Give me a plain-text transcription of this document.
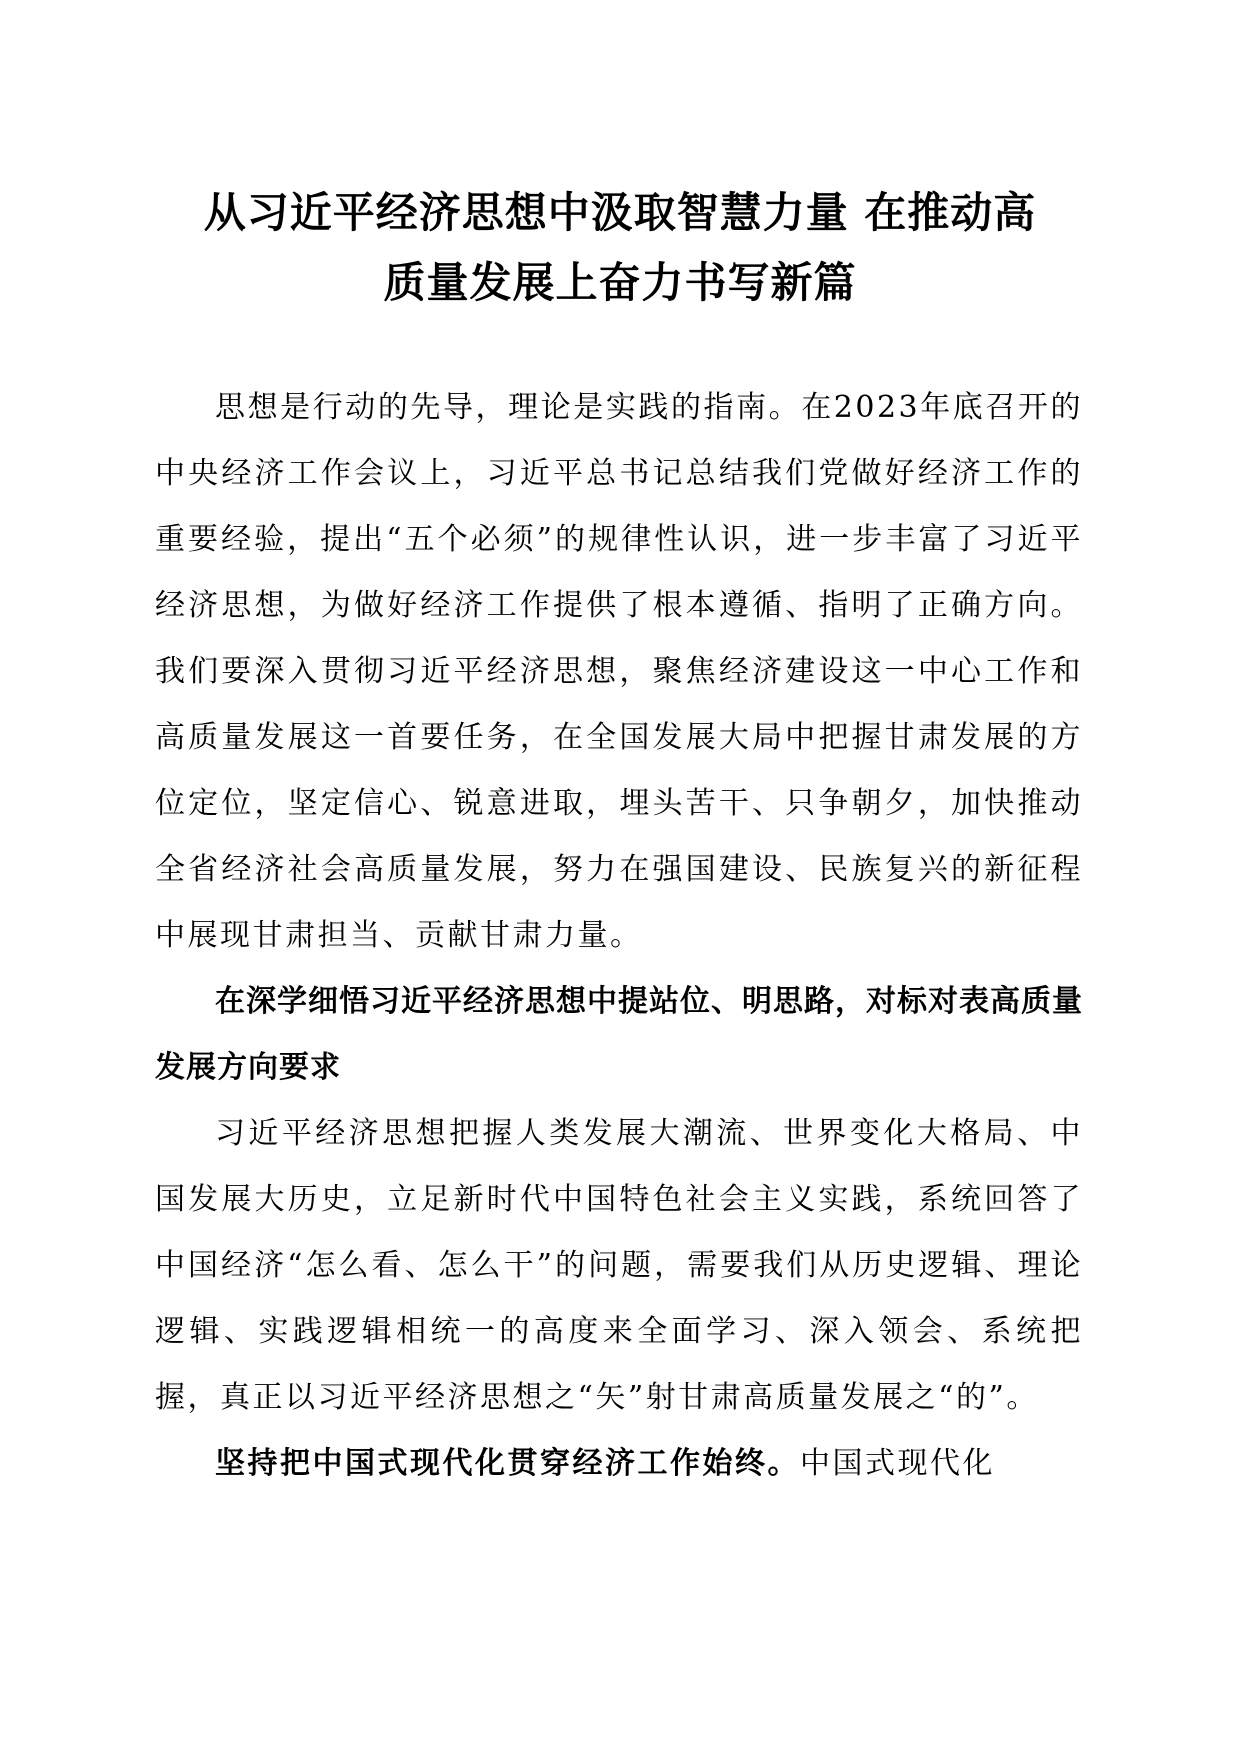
从习近平经济思想中汲取智慧力量 在推动高
质量发展上奋力书写新篇

思想是行动的先导，理论是实践的指南。在2023年底召开的中央经济工作会议上，习近平总书记总结我们党做好经济工作的重要经验，提出“五个必须”的规律性认识，进一步丰富了习近平经济思想，为做好经济工作提供了根本遵循、指明了正确方向。我们要深入贯彻习近平经济思想，聚焦经济建设这一中心工作和高质量发展这一首要任务，在全国发展大局中把握甘肃发展的方位定位，坚定信心、锐意进取，埋头苦干、只争朝夕，加快推动全省经济社会高质量发展，努力在强国建设、民族复兴的新征程中展现甘肃担当、贡献甘肃力量。

在深学细悟习近平经济思想中提站位、明思路，对标对表高质量发展方向要求

习近平经济思想把握人类发展大潮流、世界变化大格局、中国发展大历史，立足新时代中国特色社会主义实践，系统回答了中国经济“怎么看、怎么干”的问题，需要我们从历史逻辑、理论逻辑、实践逻辑相统一的高度来全面学习、深入领会、系统把握，真正以习近平经济思想之“矢”射甘肃高质量发展之“的”。

坚持把中国式现代化贯穿经济工作始终。中国式现代化
